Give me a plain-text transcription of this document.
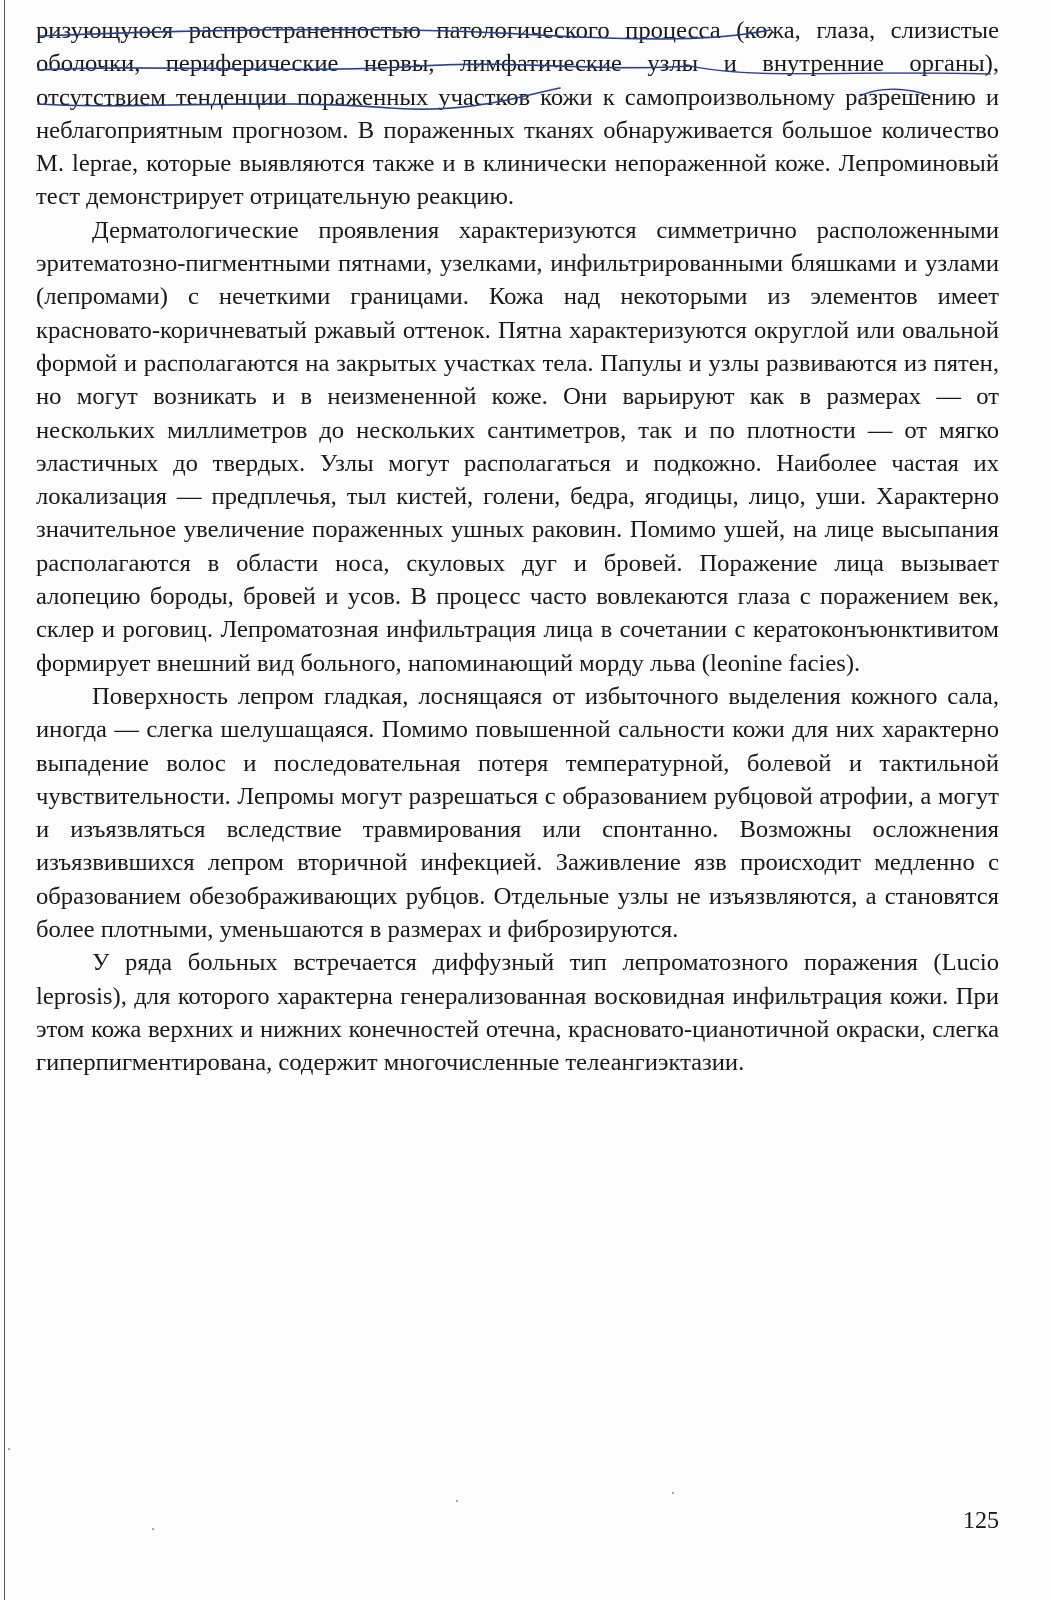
ризующуюся распространенностью патологического процесса (кожа, глаза, слизистые оболочки, периферические нервы, лимфатические узлы и внутренние органы), отсутствием тенденции пораженных участков кожи к самопроизвольному разрешению и неблагоприятным прогнозом. В пораженных тканях обнаруживается большое количество M. leprae, которые выявляются также и в клинически непораженной коже. Лепроминовый тест демонстрирует отрицательную реакцию.

Дерматологические проявления характеризуются симметрично расположенными эритематозно-пигментными пятнами, узелками, инфильтрированными бляшками и узлами (лепромами) с нечеткими границами. Кожа над некоторыми из элементов имеет красновато-коричневатый ржавый оттенок. Пятна характеризуются округлой или овальной формой и располагаются на закрытых участках тела. Папулы и узлы развиваются из пятен, но могут возникать и в неизмененной коже. Они варьируют как в размерах — от нескольких миллиметров до нескольких сантиметров, так и по плотности — от мягко эластичных до твердых. Узлы могут располагаться и подкожно. Наиболее частая их локализация — предплечья, тыл кистей, голени, бедра, ягодицы, лицо, уши. Характерно значительное увеличение пораженных ушных раковин. Помимо ушей, на лице высыпания располагаются в области носа, скуловых дуг и бровей. Поражение лица вызывает алопецию бороды, бровей и усов. В процесс часто вовлекаются глаза с поражением век, склер и роговиц. Лепроматозная инфильтрация лица в сочетании с кератоконъюнктивитом формирует внешний вид больного, напоминающий морду льва (leonine facies).

Поверхность лепром гладкая, лоснящаяся от избыточного выделения кожного сала, иногда — слегка шелушащаяся. Помимо повышенной сальности кожи для них характерно выпадение волос и последовательная потеря температурной, болевой и тактильной чувствительности. Лепромы могут разрешаться с образованием рубцовой атрофии, а могут и изъязвляться вследствие травмирования или спонтанно. Возможны осложнения изъязвившихся лепром вторичной инфекцией. Заживление язв происходит медленно с образованием обезображивающих рубцов. Отдельные узлы не изъязвляются, а становятся более плотными, уменьшаются в размерах и фиброзируются.

У ряда больных встречается диффузный тип лепроматозного поражения (Lucio leprosis), для которого характерна генерализованная восковидная инфильтрация кожи. При этом кожа верхних и нижних конечностей отечна, красновато-цианотичной окраски, слегка гиперпигментирована, содержит многочисленные телеангиэктазии.

125
